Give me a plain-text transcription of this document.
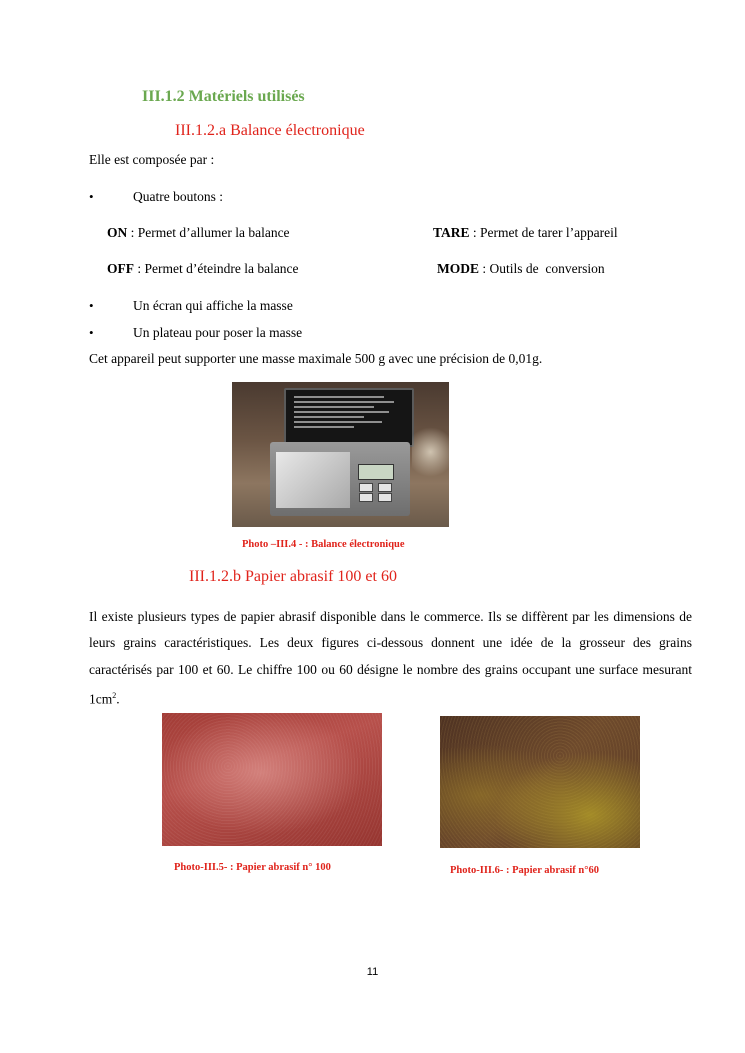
III.1.2 Matériels utilisés
III.1.2.a Balance électronique
Elle est composée par :
•	Quatre boutons :
ON : Permet d’allumer la balance	TARE : Permet de tarer l’appareil
OFF : Permet d’éteindre la balance	MODE : Outils de  conversion
•	Un écran qui affiche la masse
•	Un plateau pour poser la masse
Cet appareil peut supporter une masse maximale 500 g avec une précision de 0,01g.
Photo –III.4 - : Balance électronique
III.1.2.b Papier abrasif 100 et 60
Il existe plusieurs types de papier abrasif disponible dans le commerce. Ils se diffèrent par les dimensions de leurs grains caractéristiques. Les deux figures ci-dessous donnent une idée de la grosseur des grains caractérisés par 100 et 60. Le chiffre 100 ou 60 désigne le nombre des grains occupant une surface mesurant $1cm^2$.
Photo-III.5- : Papier abrasif n° 100	Photo-III.6- : Papier abrasif n°60
11
